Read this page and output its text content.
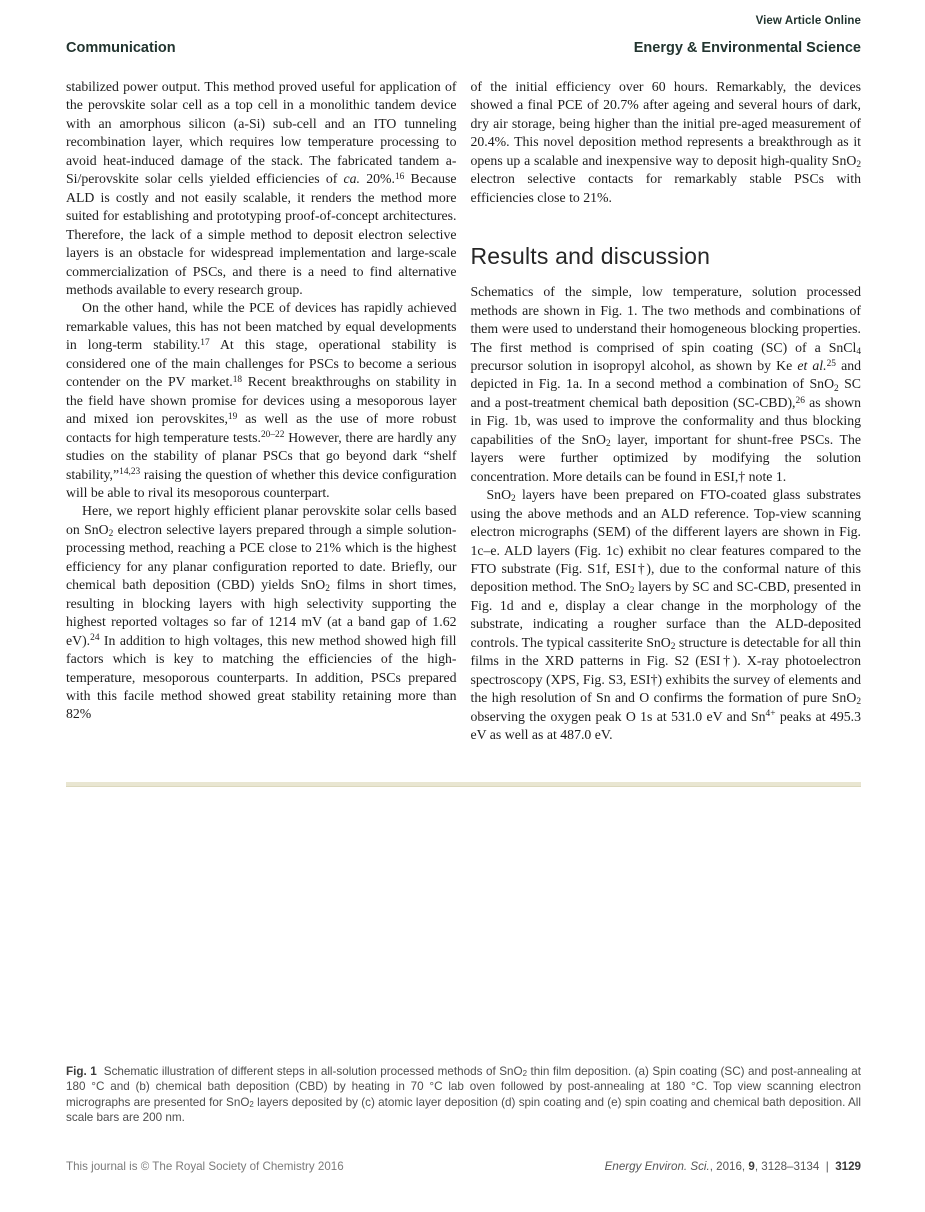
View Article Online
Communication	Energy & Environmental Science

stabilized power output. This method proved useful for application of the perovskite solar cell as a top cell in a monolithic tandem device with an amorphous silicon (a-Si) sub-cell and an ITO tunneling recombination layer, which requires low temperature processing to avoid heat-induced damage of the stack. The fabricated tandem a-Si/perovskite solar cells yielded efficiencies of ca. 20%.$^{16}$ Because ALD is costly and not easily scalable, it renders the method more suited for establishing and prototyping proof-of-concept architectures. Therefore, the lack of a simple method to deposit electron selective layers is an obstacle for widespread implementation and large-scale commercialization of PSCs, and there is a need to find alternative methods available to every research group.

On the other hand, while the PCE of devices has rapidly achieved remarkable values, this has not been matched by equal developments in long-term stability.$^{17}$ At this stage, operational stability is considered one of the main challenges for PSCs to become a serious contender on the PV market.$^{18}$ Recent breakthroughs on stability in the field have shown promise for devices using a mesoporous layer and mixed ion perovskites,$^{19}$ as well as the use of more robust contacts for high temperature tests.$^{20-22}$ However, there are hardly any studies on the stability of planar PSCs that go beyond dark “shelf stability,”$^{14,23}$ raising the question of whether this device configuration will be able to rival its mesoporous counterpart.

Here, we report highly efficient planar perovskite solar cells based on SnO$_2$ electron selective layers prepared through a simple solution-processing method, reaching a PCE close to 21% which is the highest efficiency for any planar configuration reported to date. Briefly, our chemical bath deposition (CBD) yields SnO$_2$ films in short times, resulting in blocking layers with high selectivity supporting the highest reported voltages so far of 1214 mV (at a band gap of 1.62 eV).$^{24}$ In addition to high voltages, this new method showed high fill factors which is key to matching the efficiencies of the high-temperature, mesoporous counterparts. In addition, PSCs prepared with this facile method showed great stability retaining more than 82%

of the initial efficiency over 60 hours. Remarkably, the devices showed a final PCE of 20.7% after ageing and several hours of dark, dry air storage, being higher than the initial pre-aged measurement of 20.4%. This novel deposition method represents a breakthrough as it opens up a scalable and inexpensive way to deposit high-quality SnO$_2$ electron selective contacts for remarkably stable PSCs with efficiencies close to 21%.

Results and discussion

Schematics of the simple, low temperature, solution processed methods are shown in Fig. 1. The two methods and combinations of them were used to understand their homogeneous blocking properties. The first method is comprised of spin coating (SC) of a SnCl$_4$ precursor solution in isopropyl alcohol, as shown by Ke et al.$^{25}$ and depicted in Fig. 1a. In a second method a combination of SnO$_2$ SC and a post-treatment chemical bath deposition (SC-CBD),$^{26}$ as shown in Fig. 1b, was used to improve the conformality and thus blocking capabilities of the SnO$_2$ layer, important for shunt-free PSCs. The layers were further optimized by modifying the solution concentration. More details can be found in ESI,† note 1.

SnO$_2$ layers have been prepared on FTO-coated glass substrates using the above methods and an ALD reference. Top-view scanning electron micrographs (SEM) of the different layers are shown in Fig. 1c–e. ALD layers (Fig. 1c) exhibit no clear features compared to the FTO substrate (Fig. S1f, ESI†), due to the conformal nature of this deposition method. The SnO$_2$ layers by SC and SC-CBD, presented in Fig. 1d and e, display a clear change in the morphology of the substrate, indicating a rougher surface than the ALD-deposited controls. The typical cassiterite SnO$_2$ structure is detectable for all thin films in the XRD patterns in Fig. S2 (ESI†). X-ray photoelectron spectroscopy (XPS, Fig. S3, ESI†) exhibits the survey of elements and the high resolution of Sn and O confirms the formation of pure SnO$_2$ observing the oxygen peak O 1s at 531.0 eV and $Sn^{4+}$ peaks at 495.3 eV as well as at 487.0 eV.

Fig. 1 Schematic illustration of different steps in all-solution processed methods of SnO$_2$ thin film deposition. (a) Spin coating (SC) and post-annealing at 180 °C and (b) chemical bath deposition (CBD) by heating in 70 °C lab oven followed by post-annealing at 180 °C. Top view scanning electron micrographs are presented for SnO$_2$ layers deposited by (c) atomic layer deposition (d) spin coating and (e) spin coating and chemical bath deposition. All scale bars are 200 nm.

This journal is © The Royal Society of Chemistry 2016	Energy Environ. Sci., 2016, 9, 3128–3134  |  3129
